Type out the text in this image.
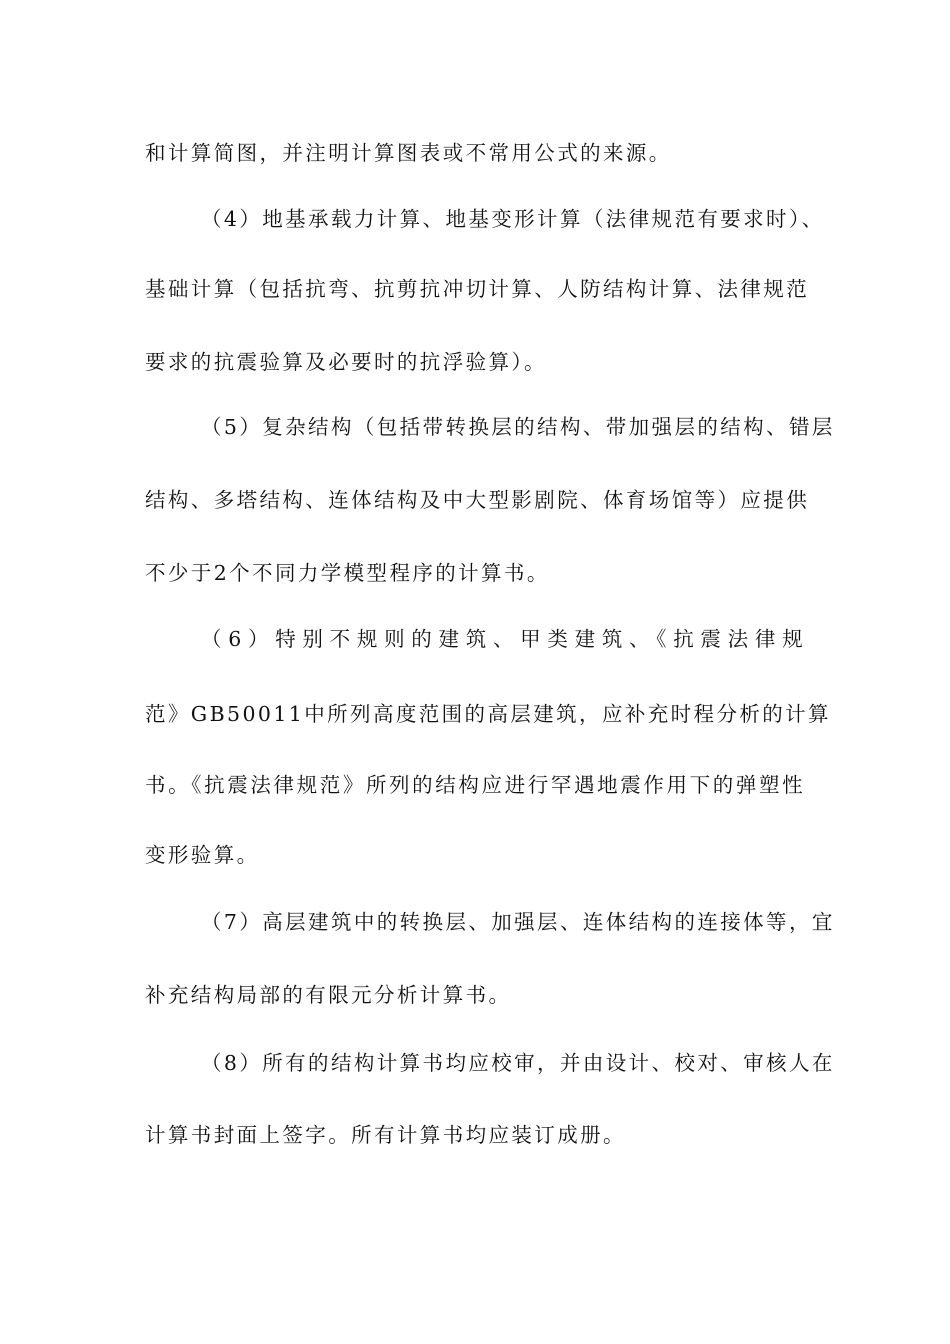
和计算简图，并注明计算图表或不常用公式的来源。
（4）地基承载力计算、地基变形计算（法律规范有要求时）、
基础计算（包括抗弯、抗剪抗冲切计算、人防结构计算、法律规范
要求的抗震验算及必要时的抗浮验算）。
（5）复杂结构（包括带转换层的结构、带加强层的结构、错层
结构、多塔结构、连体结构及中大型影剧院、体育场馆等）应提供
不少于2个不同力学模型程序的计算书。
（6）特别不规则的建筑、甲类建筑、《抗震法律规
范》GB50011中所列高度范围的高层建筑，应补充时程分析的计算
书。《抗震法律规范》所列的结构应进行罕遇地震作用下的弹塑性
变形验算。
（7）高层建筑中的转换层、加强层、连体结构的连接体等，宜
补充结构局部的有限元分析计算书。
（8）所有的结构计算书均应校审，并由设计、校对、审核人在
计算书封面上签字。所有计算书均应装订成册。
